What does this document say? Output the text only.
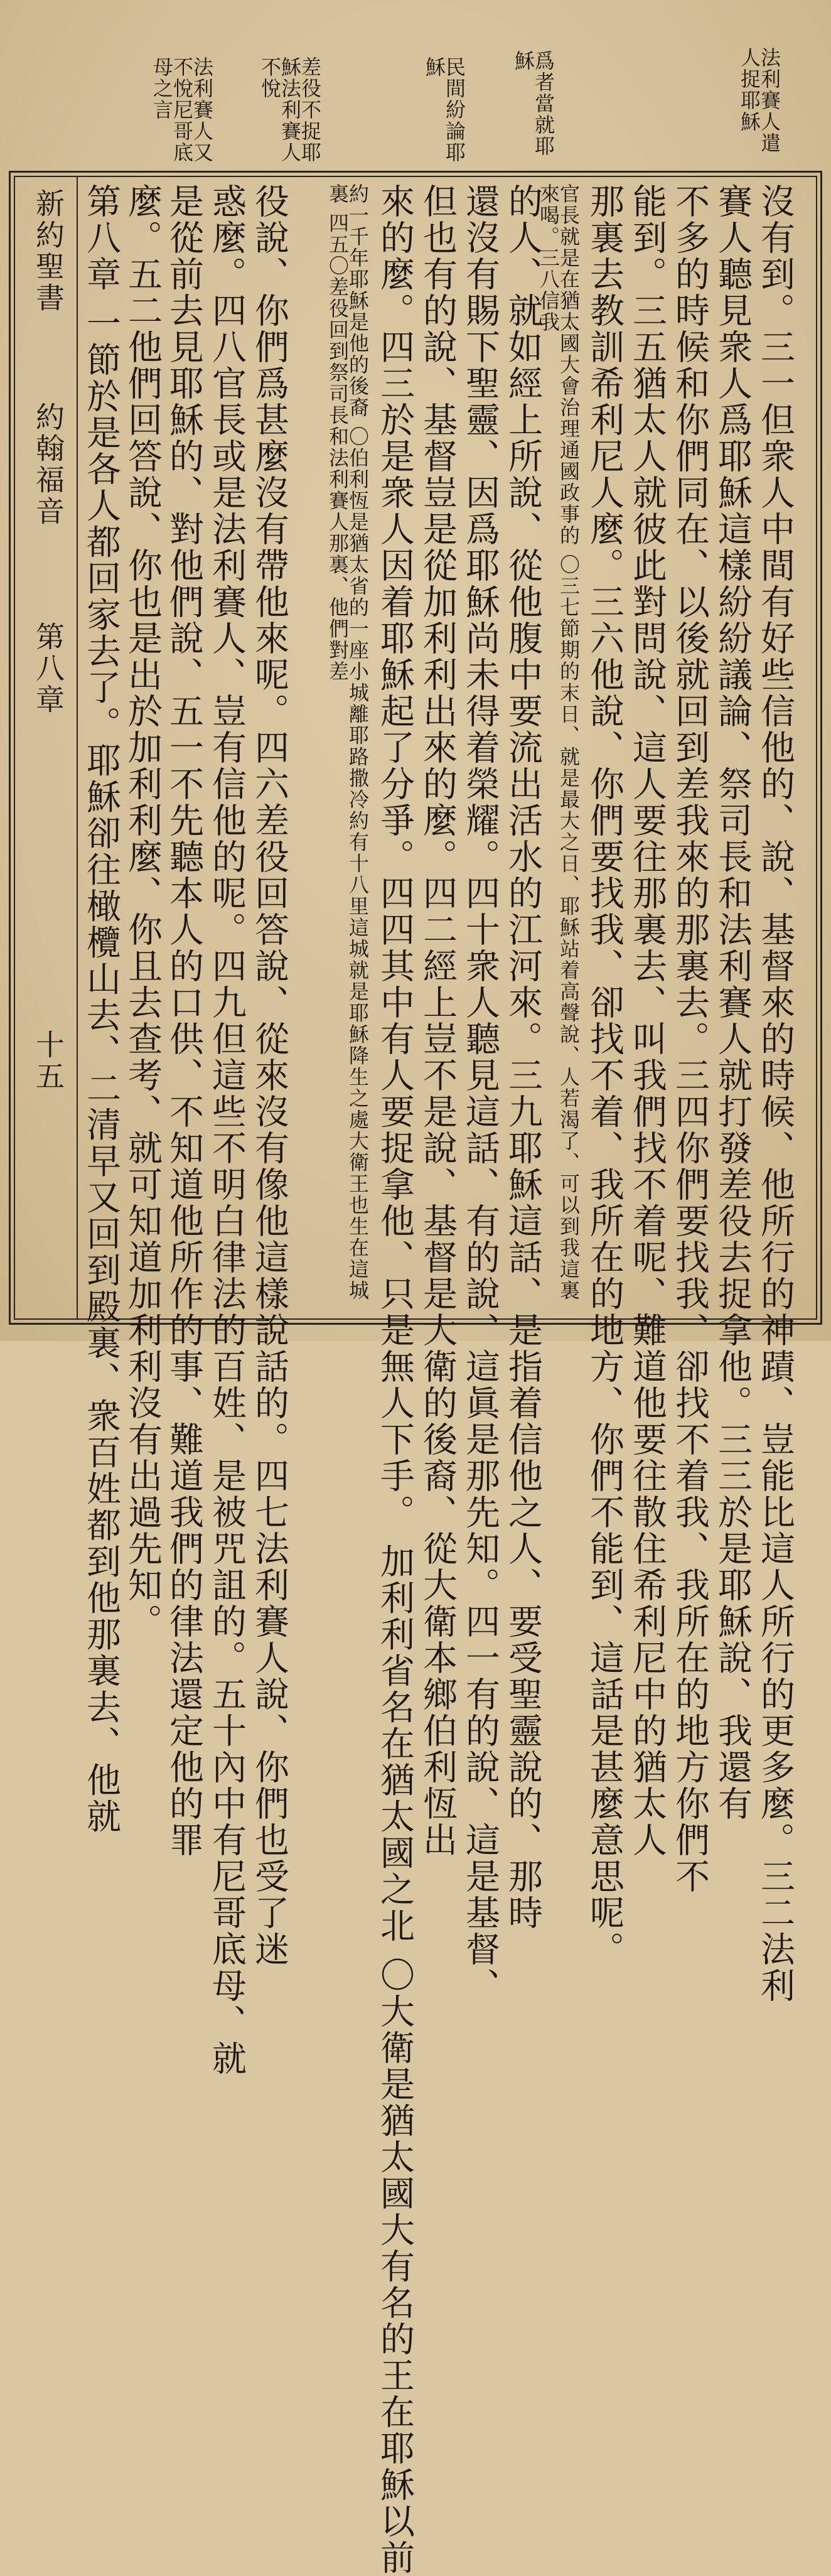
法利賽人遣
人捉耶穌
爲者當就耶
穌
民間紛論耶
穌
差役不捉耶
穌法利賽人
不悅
法利賽人又
不悅尼哥底
母之言
沒有到。三一但衆人中間有好些信他的、說、基督來的時候、他所行的神蹟、豈能比這人所行的更多麼。三二法利
賽人聽見衆人爲耶穌這樣紛紛議論、祭司長和法利賽人就打發差役去捉拿他。三三於是耶穌說、我還有
不多的時候和你們同在、以後就回到差我來的那裏去。三四你們要找我、卻找不着我、我所在的地方你們不
能到。三五猶太人就彼此對問說、這人要往那裏去、叫我們找不着呢、難道他要往散住希利尼中的猶太人
那裏去教訓希利尼人麼。三六他說、你們要找我、卻找不着、我所在的地方、你們不能到、這話是甚麼意思呢。
官長就是在猶太國大會治理通國政事的 〇三七節期的末日、就是最大之日、耶穌站着高聲說、人若渴了、可以到我這裏來喝。三八信我
的人、就如經上所說、從他腹中要流出活水的江河來。三九耶穌這話、是指着信他之人、要受聖靈說的、那時
還沒有賜下聖靈、因爲耶穌尚未得着榮耀。四十衆人聽見這話、有的說、這眞是那先知。四一有的說、這是基督、
但也有的說、基督豈是從加利利出來的麼。四二經上豈不是說、基督是大衛的後裔、從大衛本鄉伯利恆出
來的麼。四三於是衆人因着耶穌起了分爭。四四其中有人要捉拿他、只是無人下手。 加利利省名在猶太國之北 〇大衛是猶太國大有名的王在耶穌以前
約一千年耶穌是他的後裔 〇伯利恆是猶太省的一座小城離耶路撒冷約有十八里這城就是耶穌降生之處大衛王也生在這城裏 四五〇差役回到祭司長和法利賽人那裏、他們對差
役說、你們爲甚麼沒有帶他來呢。四六差役回答說、從來沒有像他這樣說話的。四七法利賽人說、你們也受了迷
惑麼。四八官長或是法利賽人、豈有信他的呢。四九但這些不明白律法的百姓、是被咒詛的。五十內中有尼哥底母、就
是從前去見耶穌的、對他們說、五一不先聽本人的口供、不知道他所作的事、難道我們的律法還定他的罪
麼。五二他們回答說、你也是出於加利利麼、你且去查考、就可知道加利利沒有出過先知。
第八章 一節於是各人都回家去了。耶穌卻往橄欖山去、二清早又回到殿裏、衆百姓都到他那裏去、他就
新約聖書
約翰福音
第八章
十五
